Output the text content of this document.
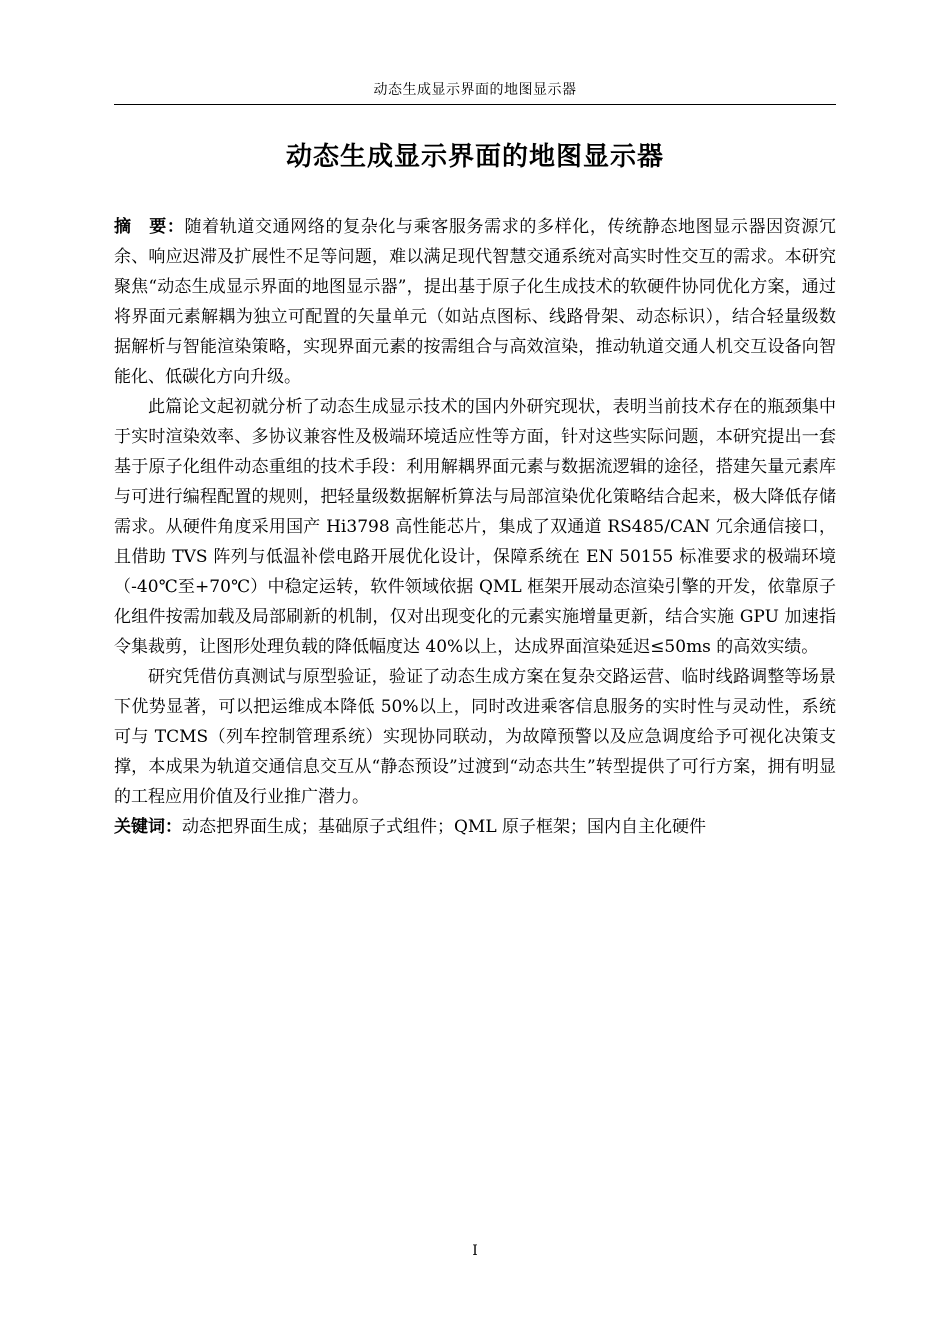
动态生成显示界面的地图显示器
动态生成显示界面的地图显示器

摘　要：随着轨道交通网络的复杂化与乘客服务需求的多样化，传统静态地图显示器因资源冗余、响应迟滞及扩展性不足等问题，难以满足现代智慧交通系统对高实时性交互的需求。本研究聚焦“动态生成显示界面的地图显示器”，提出基于原子化生成技术的软硬件协同优化方案，通过将界面元素解耦为独立可配置的矢量单元（如站点图标、线路骨架、动态标识），结合轻量级数据解析与智能渲染策略，实现界面元素的按需组合与高效渲染，推动轨道交通人机交互设备向智能化、低碳化方向升级。

此篇论文起初就分析了动态生成显示技术的国内外研究现状，表明当前技术存在的瓶颈集中于实时渲染效率、多协议兼容性及极端环境适应性等方面，针对这些实际问题，本研究提出一套基于原子化组件动态重组的技术手段：利用解耦界面元素与数据流逻辑的途径，搭建矢量元素库与可进行编程配置的规则，把轻量级数据解析算法与局部渲染优化策略结合起来，极大降低存储需求。从硬件角度采用国产 Hi3798 高性能芯片，集成了双通道 RS485/CAN 冗余通信接口，且借助 TVS 阵列与低温补偿电路开展优化设计，保障系统在 EN 50155 标准要求的极端环境（-40℃至+70℃）中稳定运转，软件领域依据 QML 框架开展动态渲染引擎的开发，依靠原子化组件按需加载及局部刷新的机制，仅对出现变化的元素实施增量更新，结合实施 GPU 加速指令集裁剪，让图形处理负载的降低幅度达 40%以上，达成界面渲染延迟≤50ms 的高效实绩。

研究凭借仿真测试与原型验证，验证了动态生成方案在复杂交路运营、临时线路调整等场景下优势显著，可以把运维成本降低 50%以上，同时改进乘客信息服务的实时性与灵动性，系统可与 TCMS（列车控制管理系统）实现协同联动，为故障预警以及应急调度给予可视化决策支撑，本成果为轨道交通信息交互从“静态预设”过渡到“动态共生”转型提供了可行方案，拥有明显的工程应用价值及行业推广潜力。

关键词：动态把界面生成；基础原子式组件；QML 原子框架；国内自主化硬件

I
